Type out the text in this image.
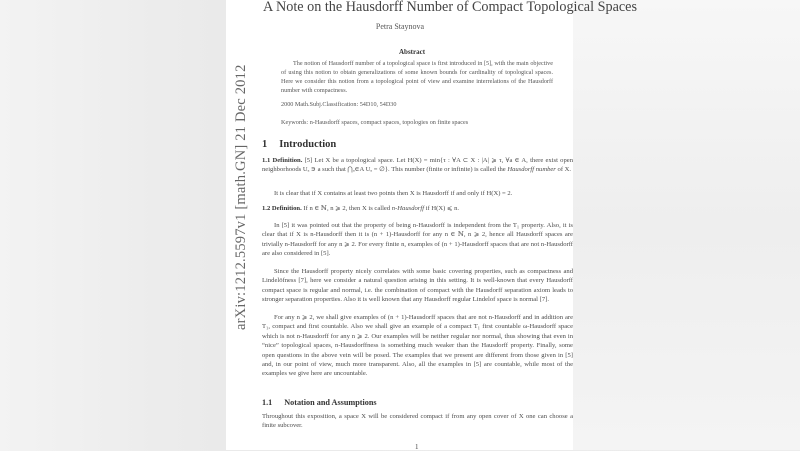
arXiv:1212.5597v1 [math.GN] 21 Dec 2012
A Note on the Hausdorff Number of Compact Topological Spaces
Petra Staynova
Abstract
The notion of Hausdorff number of a topological space is first introduced in [5], with the main objective of using this notion to obtain generalizations of some known bounds for cardinality of topological spaces. Here we consider this notion from a topological point of view and examine interrelations of the Hausdorff number with compactness.
2000 Math.Subj.Classification: 54D10, 54D30
Keywords: n-Hausdorff spaces, compact spaces, topologies on finite spaces
1 Introduction
1.1 Definition. [5] Let X be a topological space. Let H(X) = min{τ : ∀A ⊂ X : |A| ⩾ τ, ∀a ∈ A, there exist open neighborhoods Uₐ ∋ a such that ⋂ₐ∈A Uₐ = ∅}. This number (finite or infinite) is called the Hausdorff number of X.
It is clear that if X contains at least two points then X is Hausdorff if and only if H(X) = 2.
1.2 Definition. If n ∈ ℕ, n ⩾ 2, then X is called n-Hausdorff if H(X) ⩽ n.
In [5] it was pointed out that the property of being n-Hausdorff is independent from the T₁ property. Also, it is clear that if X is n-Hausdorff then it is (n + 1)-Hausdorff for any n ∈ ℕ, n ⩾ 2, hence all Hausdorff spaces are trivially n-Hausdorff for any n ⩾ 2. For every finite n, examples of (n + 1)-Hausdorff spaces that are not n-Hausdorff are also considered in [5].
Since the Hausdorff property nicely correlates with some basic covering properties, such as compactness and Lindelöfness [7], here we consider a natural question arising in this setting. It is well-known that every Hausdorff compact space is regular and normal, i.e. the combination of compact with the Hausdorff separation axiom leads to stronger separation properties. Also it is well known that any Hausdorff regular Lindelof space is normal [7].
For any n ⩾ 2, we shall give examples of (n + 1)-Hausdorff spaces that are not n-Hausdorff and in addition are T₁, compact and first countable. Also we shall give an example of a compact T₁ first countable ω-Hausdorff space which is not n-Hausdorff for any n ⩾ 2. Our examples will be neither regular nor normal, thus showing that even in “nice” topological spaces, n-Hausdorffness is something much weaker than the Hausdorff property. Finally, some open questions in the above vein will be posed. The examples that we present are different from those given in [5] and, in our point of view, much more transparent. Also, all the examples in [5] are countable, while most of the examples we give here are uncountable.
1.1 Notation and Assumptions
Throughout this exposition, a space X will be considered compact if from any open cover of X one can choose a finite subcover.
1
